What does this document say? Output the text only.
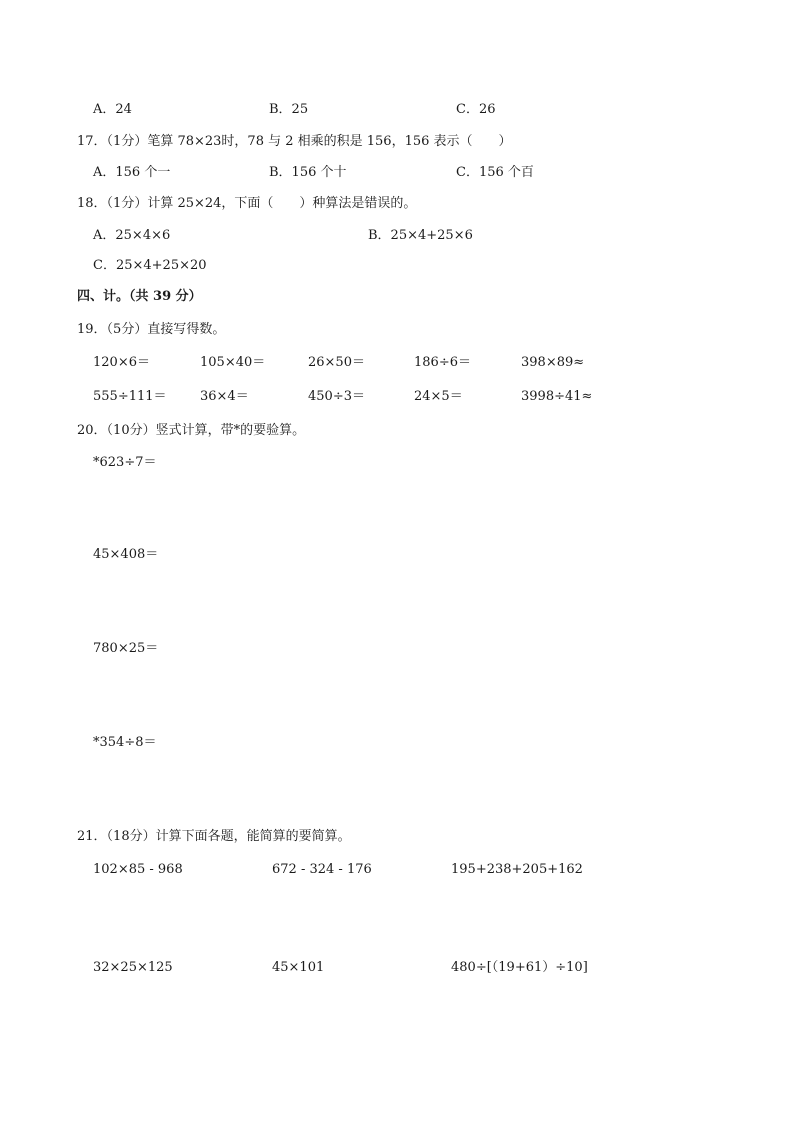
A．24	B．25	C．26
17．（1分）笔算 78×23时，78 与 2 相乘的积是 156，156 表示（　　）
A．156 个一	B．156 个十	C．156 个百
18．（1分）计算 25×24，下面（　　）种算法是错误的。
A．25×4×6	B．25×4+25×6
C．25×4+25×20
四、计。（共 39 分）
19．（5分）直接写得数。
120×6＝	105×40＝	26×50＝	186÷6＝	398×89≈
555÷111＝	36×4＝	450÷3＝	24×5＝	3998÷41≈
20．（10分）竖式计算，带*的要验算。
*623÷7＝
45×408＝
780×25＝
*354÷8＝
21．（18分）计算下面各题，能简算的要简算。
102×85 - 968	672 - 324 - 176	195+238+205+162
32×25×125	45×101	480÷[（19+61）÷10]
